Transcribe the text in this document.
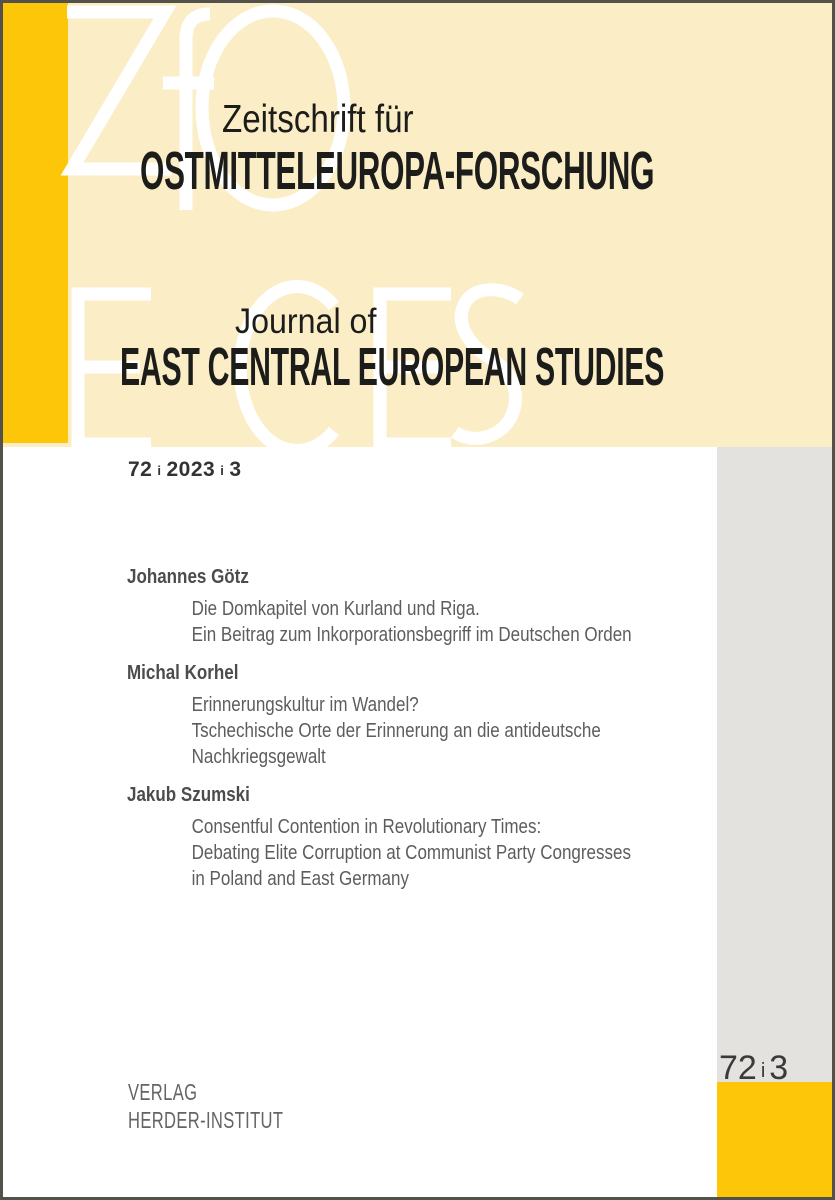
Zeitschrift für
OSTMITTELEUROPA-FORSCHUNG
Journal of
EAST CENTRAL EUROPEAN STUDIES
72 i 2023 i 3
Johannes Götz
Die Domkapitel von Kurland und Riga.
Ein Beitrag zum Inkorporationsbegriff im Deutschen Orden
Michal Korhel
Erinnerungskultur im Wandel?
Tschechische Orte der Erinnerung an die antideutsche
Nachkriegsgewalt
Jakub Szumski
Consentful Contention in Revolutionary Times:
Debating Elite Corruption at Communist Party Congresses
in Poland and East Germany
72 i 3
VERLAG
HERDER-INSTITUT
